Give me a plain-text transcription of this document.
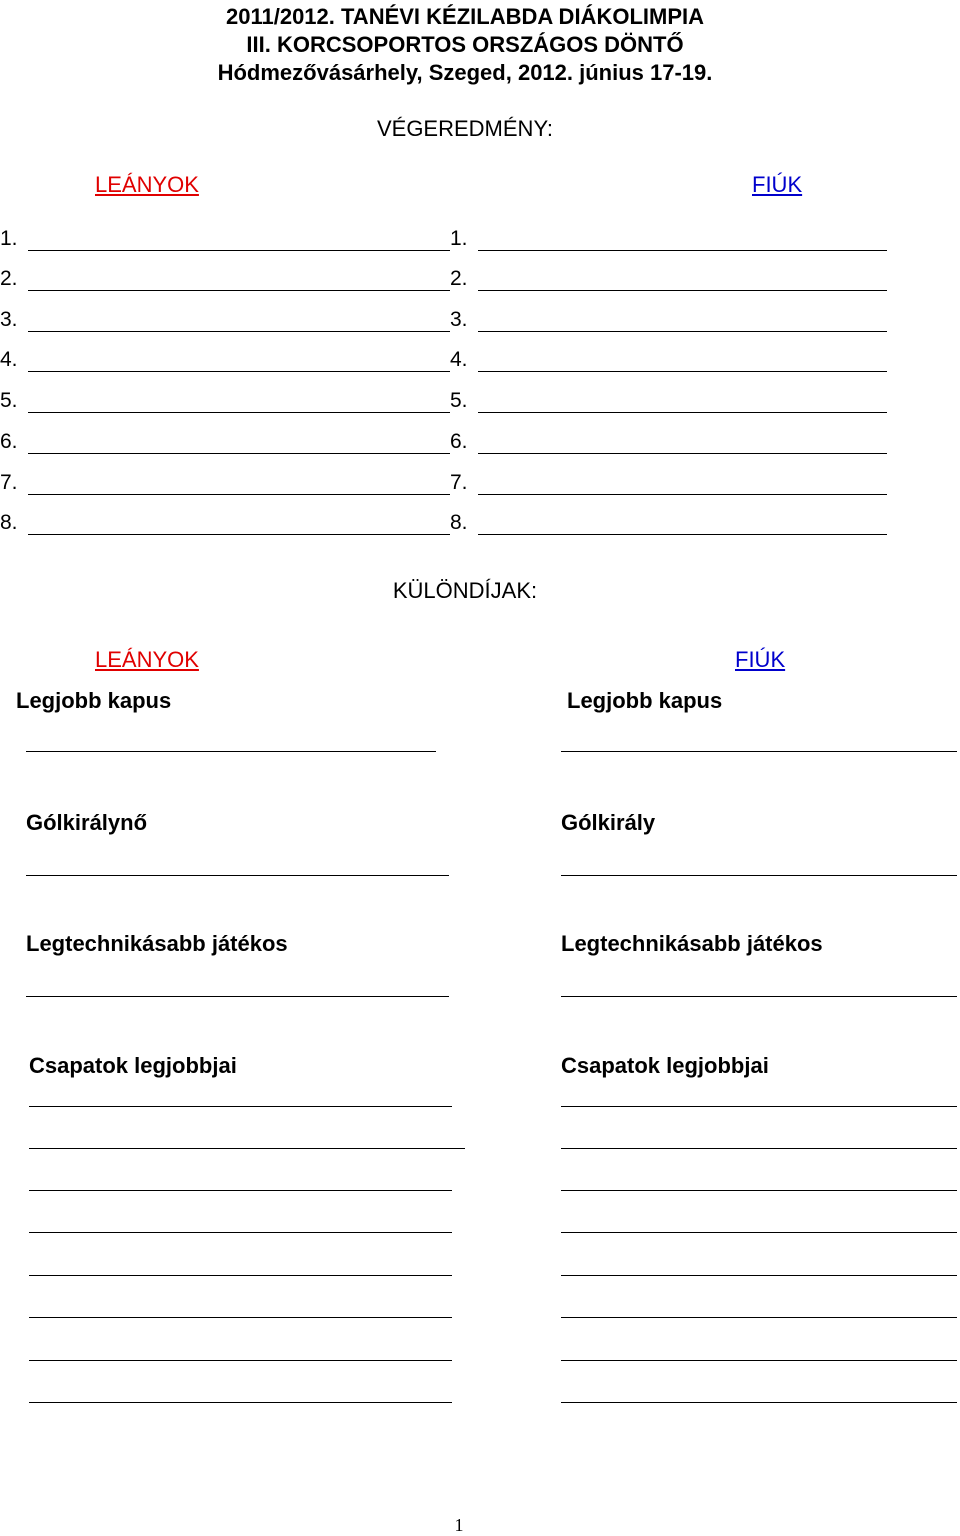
2011/2012. TANÉVI KÉZILABDA DIÁKOLIMPIA
III. KORCSOPORTOS ORSZÁGOS DÖNTŐ
Hódmezővásárhely, Szeged, 2012. június 17-19.
VÉGEREDMÉNY:
LEÁNYOK	FIÚK
1.	1.
2.	2.
3.	3.
4.	4.
5.	5.
6.	6.
7.	7.
8.	8.
KÜLÖNDÍJAK:
LEÁNYOK	FIÚK
Legjobb kapus	Legjobb kapus
Gólkirálynő	Gólkirály
Legtechnikásabb játékos	Legtechnikásabb játékos
Csapatok legjobbjai	Csapatok legjobbjai
1
